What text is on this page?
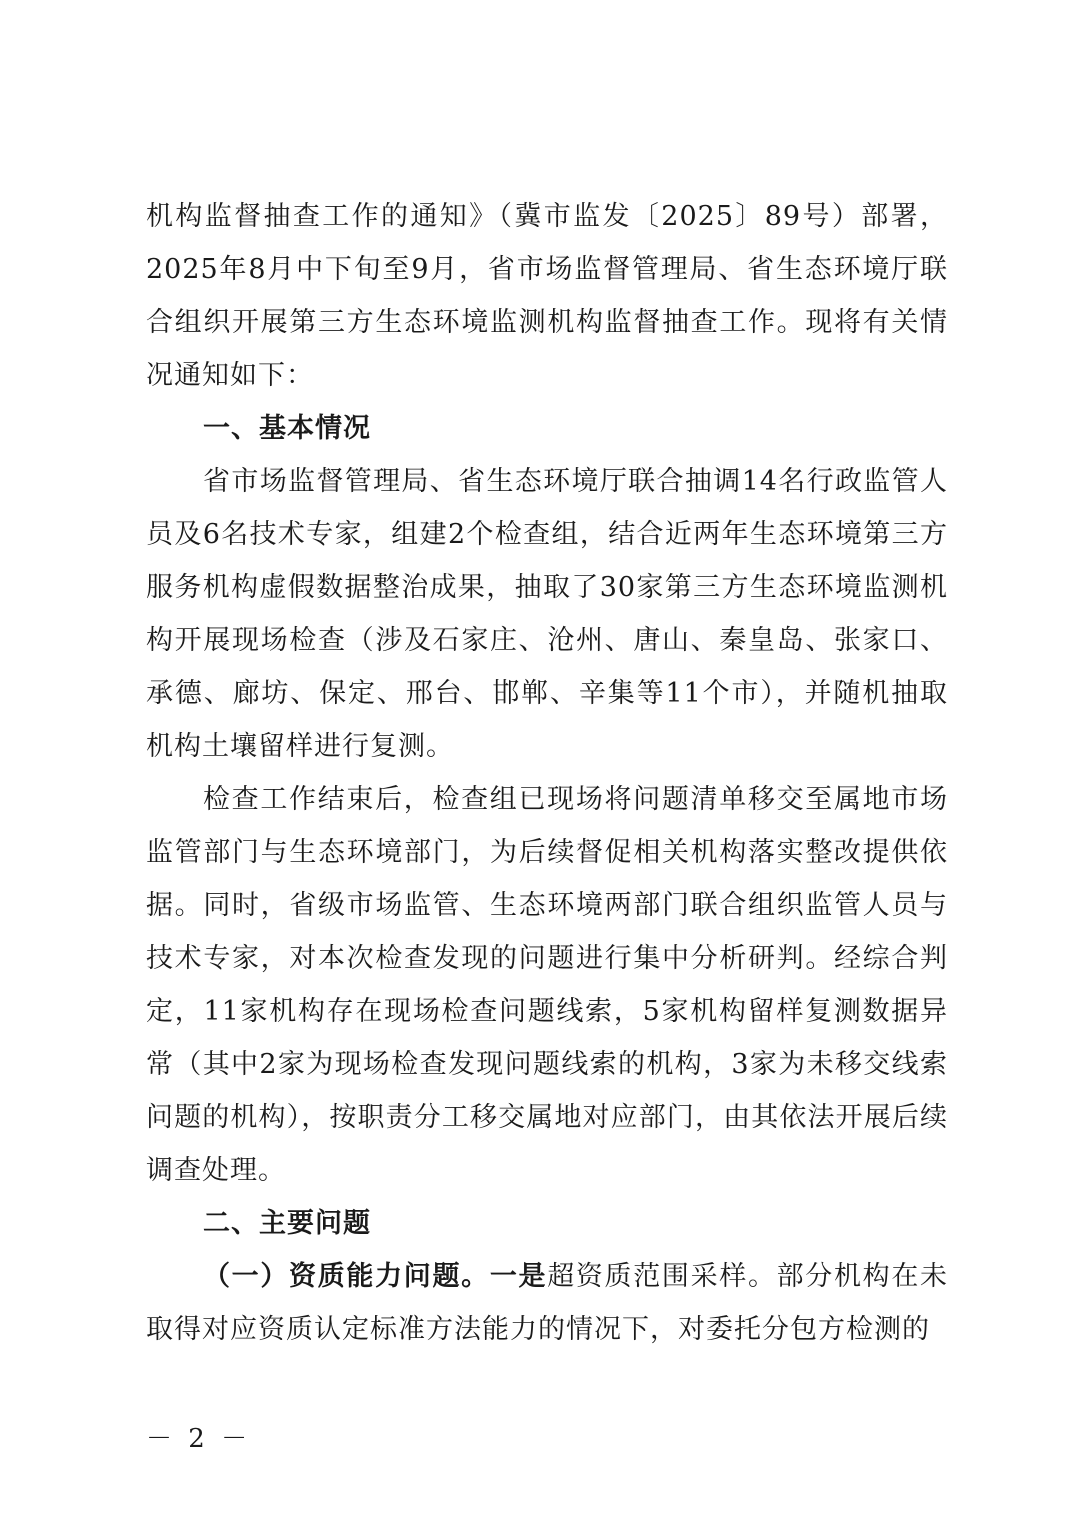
机构监督抽查工作的通知》（冀市监发〔2025〕89号）部署，2025年8月中下旬至9月，省市场监督管理局、省生态环境厅联合组织开展第三方生态环境监测机构监督抽查工作。现将有关情况通知如下：

一、基本情况

省市场监督管理局、省生态环境厅联合抽调14名行政监管人员及6名技术专家，组建2个检查组，结合近两年生态环境第三方服务机构虚假数据整治成果，抽取了30家第三方生态环境监测机构开展现场检查（涉及石家庄、沧州、唐山、秦皇岛、张家口、承德、廊坊、保定、邢台、邯郸、辛集等11个市），并随机抽取机构土壤留样进行复测。

检查工作结束后，检查组已现场将问题清单移交至属地市场监管部门与生态环境部门，为后续督促相关机构落实整改提供依据。同时，省级市场监管、生态环境两部门联合组织监管人员与技术专家，对本次检查发现的问题进行集中分析研判。经综合判定，11家机构存在现场检查问题线索，5家机构留样复测数据异常（其中2家为现场检查发现问题线索的机构，3家为未移交线索问题的机构），按职责分工移交属地对应部门，由其依法开展后续调查处理。

二、主要问题

（一）资质能力问题。一是超资质范围采样。部分机构在未取得对应资质认定标准方法能力的情况下，对委托分包方检测的

－ 2 －
